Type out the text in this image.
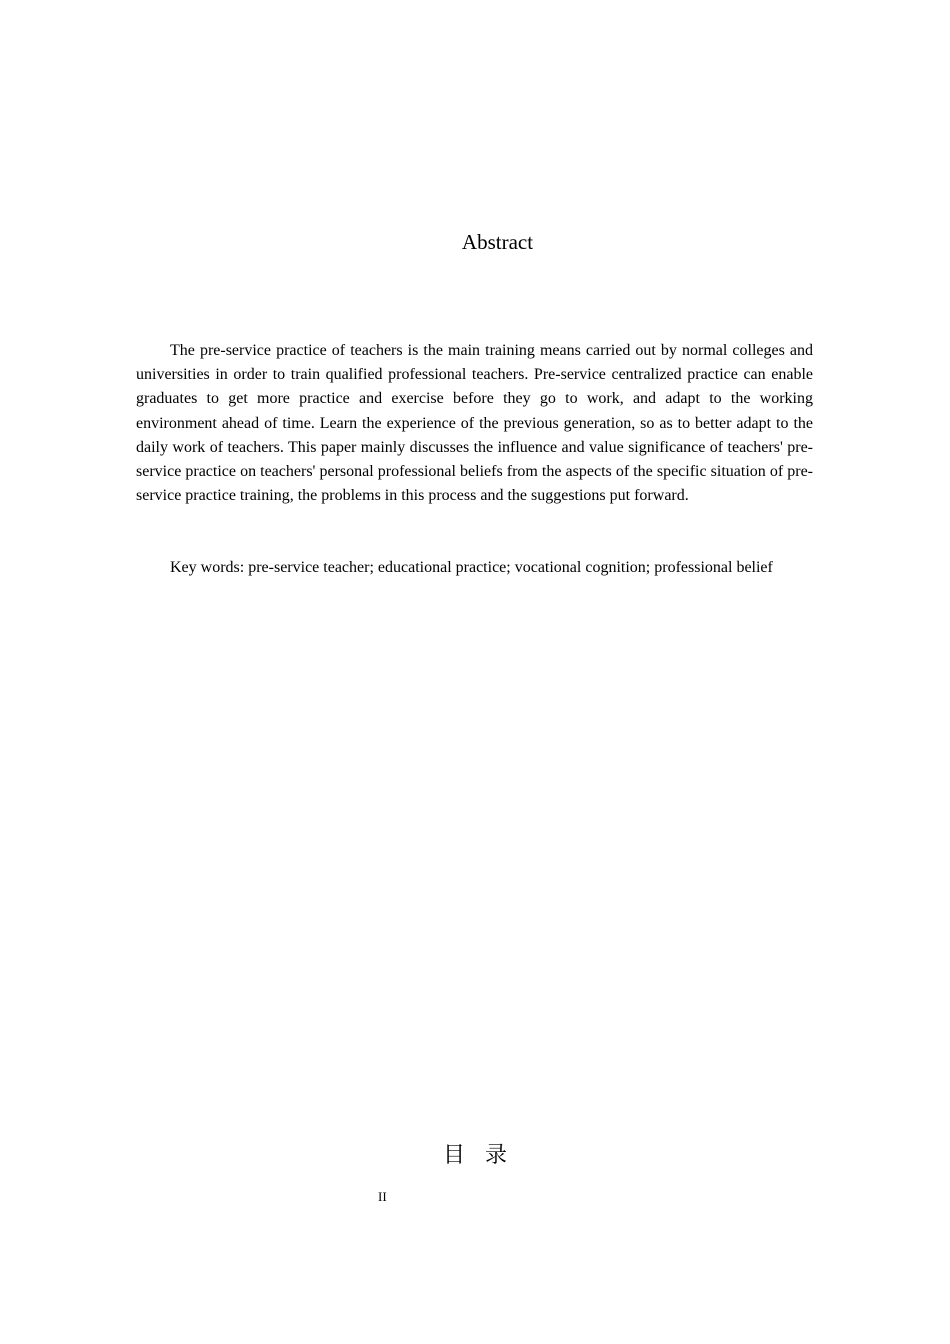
Abstract

The pre-service practice of teachers is the main training means carried out by normal colleges and universities in order to train qualified professional teachers. Pre-service centralized practice can enable graduates to get more practice and exercise before they go to work, and adapt to the working environment ahead of time. Learn the experience of the previous generation, so as to better adapt to the daily work of teachers. This paper mainly discusses the influence and value significance of teachers' pre-service practice on teachers' personal professional beliefs from the aspects of the specific situation of pre-service practice training, the problems in this process and the suggestions put forward.

Key words: pre-service teacher; educational practice; vocational cognition; professional belief

目录
II
